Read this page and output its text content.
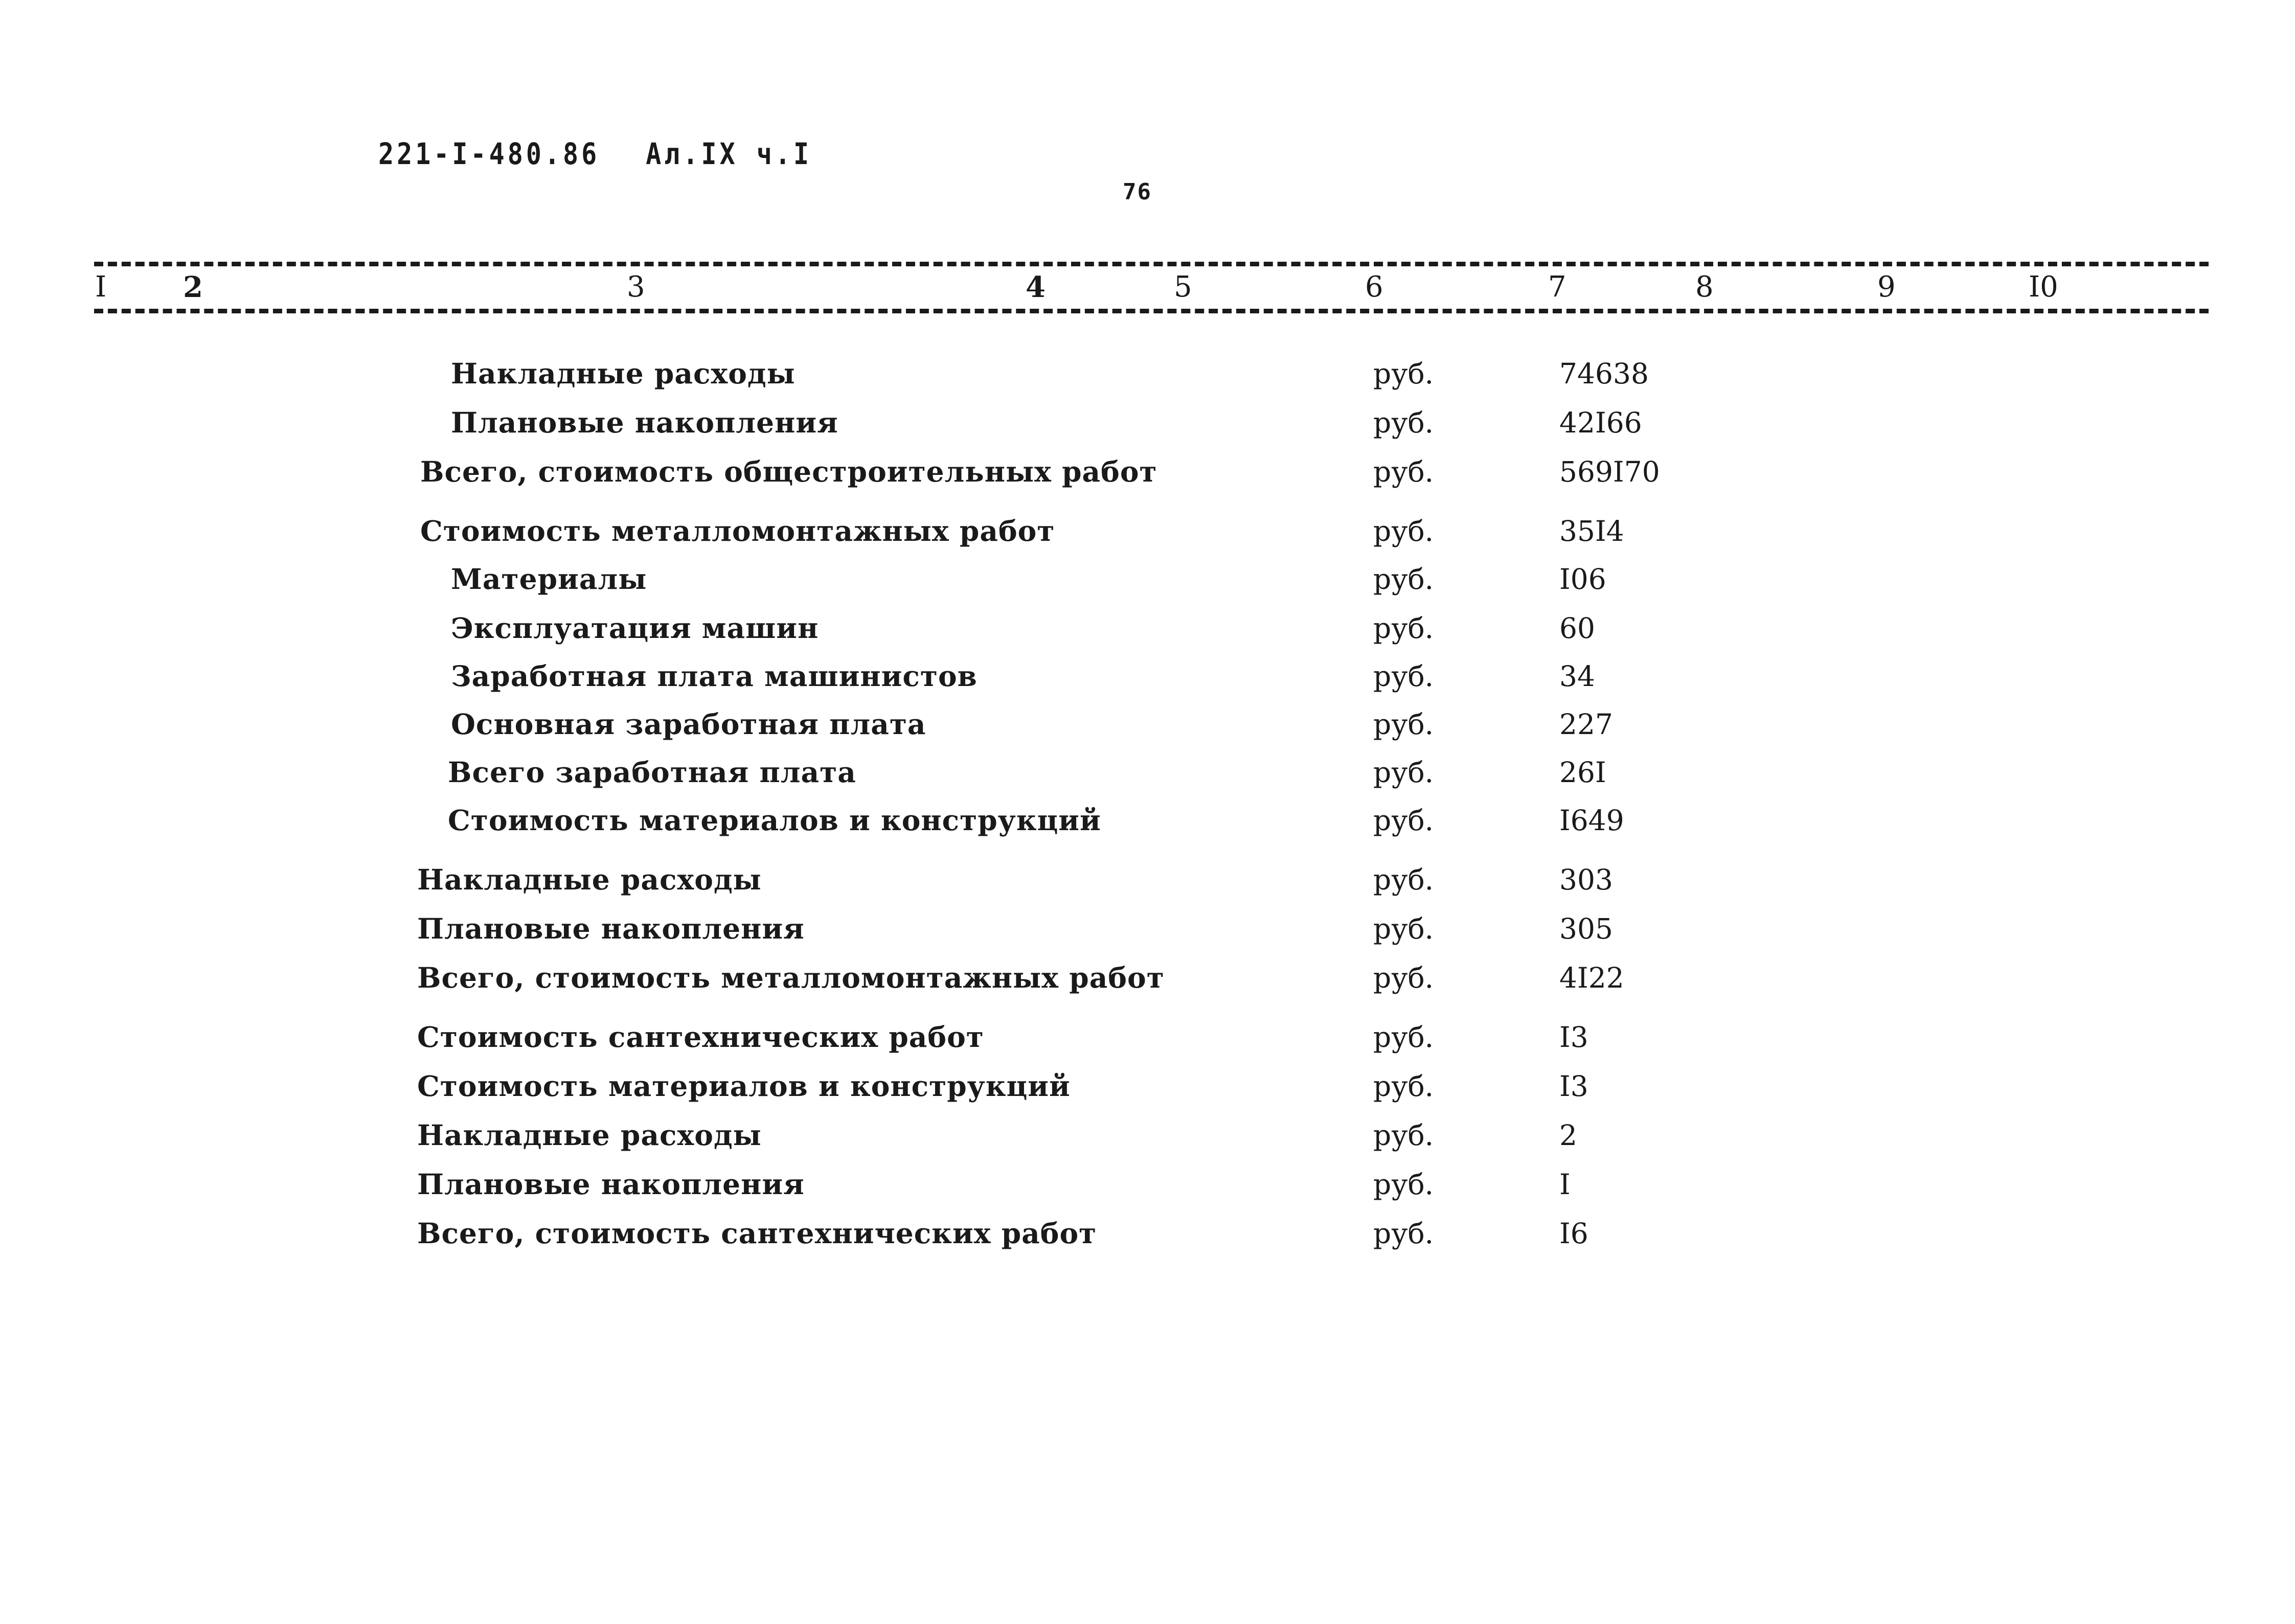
221-I-480.86 Ал.IX ч.I
76
I	2	3	4	5	6	7	8	9	I0
Накладные расходы	руб.	74638
Плановые накопления	руб.	42I66
Всего, стоимость общестроительных работ	руб.	569I70
Стоимость металломонтажных работ	руб.	35I4
Материалы	руб.	I06
Эксплуатация машин	руб.	60
Заработная плата машинистов	руб.	34
Основная заработная плата	руб.	227
Всего заработная плата	руб.	26I
Стоимость материалов и конструкций	руб.	I649
Накладные расходы	руб.	303
Плановые накопления	руб.	305
Всего, стоимость металломонтажных работ	руб.	4I22
Стоимость сантехнических работ	руб.	I3
Стоимость материалов и конструкций	руб.	I3
Накладные расходы	руб.	2
Плановые накопления	руб.	I
Всего, стоимость сантехнических работ	руб.	I6
